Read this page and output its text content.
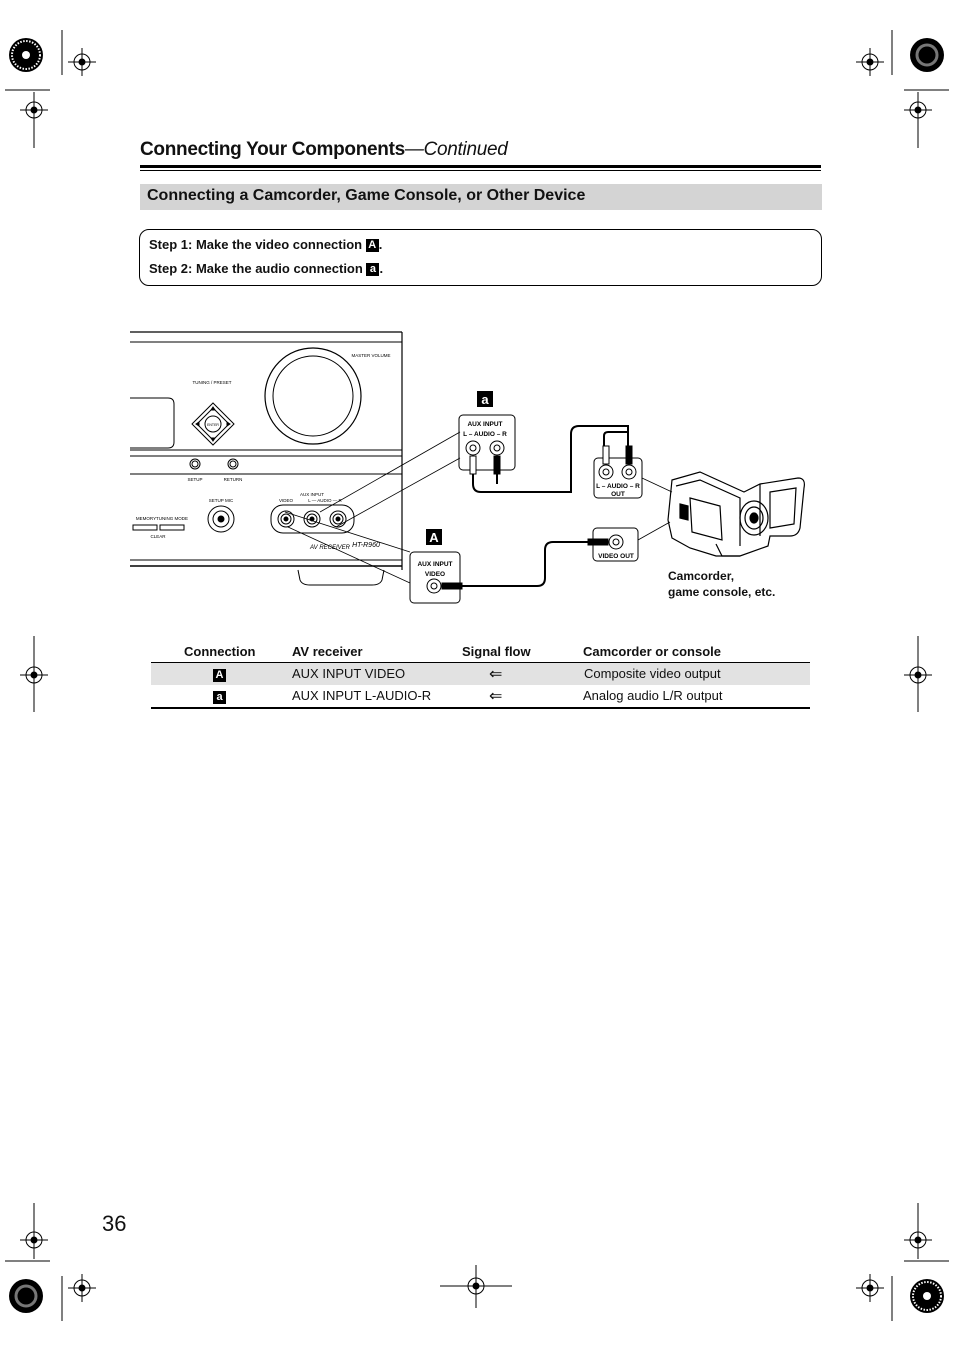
Connecting Your Components—Continued
Connecting a Camcorder, Game Console, or Other Device
Step 1: Make the video connection A .
Step 2: Make the audio connection a .
MASTER VOLUME
TUNING / PRESET
ENTER
SETUP	RETURN
SETUP MIC
MEMORY TUNING MODE
CLEAR
AUX INPUT
VIDEO	L — AUDIO — R
AV RECEIVER HT-R960
AUX INPUT
L – AUDIO – R
AUX INPUT
VIDEO
L – AUDIO – R
OUT
VIDEO OUT
a
A
Camcorder,
game console, etc.
Connection	AV receiver	Signal flow	Camcorder or console
A	AUX INPUT VIDEO	⇐	Composite video output
a	AUX INPUT L-AUDIO-R	⇐	Analog audio L/R output
36
